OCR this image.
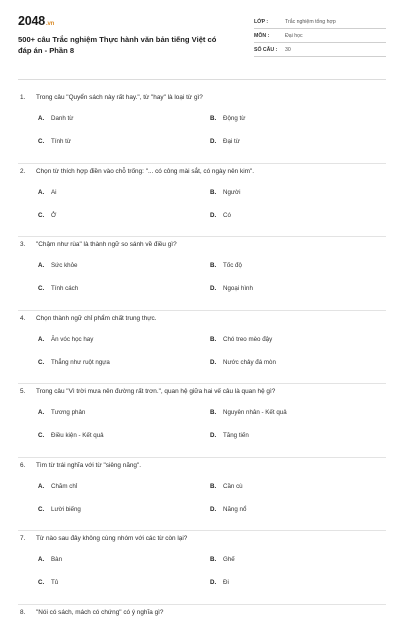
2048 .vn
500+ câu Trắc nghiệm Thực hành văn bản tiếng Việt có đáp án - Phần 8
LỚP :	Trắc nghiệm tổng hợp
MÔN :	Đại học
SỐ CÂU :	30
1.	Trong câu "Quyển sách này rất hay.", từ "hay" là loại từ gì?
A.	Danh từ	B.	Động từ
C.	Tính từ	D.	Đại từ
2.	Chọn từ thích hợp điền vào chỗ trống: "... có công mài sắt, có ngày nên kim".
A.	Ai	B.	Người
C.	Ở	D.	Có
3.	"Chậm như rùa" là thành ngữ so sánh về điều gì?
A.	Sức khỏe	B.	Tốc độ
C.	Tính cách	D.	Ngoại hình
4.	Chọn thành ngữ chỉ phẩm chất trung thực.
A.	Ăn vóc học hay	B.	Chó treo mèo đậy
C.	Thẳng như ruột ngựa	D.	Nước chảy đá mòn
5.	Trong câu "Vì trời mưa nên đường rất trơn.", quan hệ giữa hai vế câu là quan hệ gì?
A.	Tương phản	B.	Nguyên nhân - Kết quả
C.	Điều kiện - Kết quả	D.	Tăng tiến
6.	Tìm từ trái nghĩa với từ "siêng năng".
A.	Chăm chỉ	B.	Cần cù
C.	Lười biếng	D.	Năng nổ
7.	Từ nào sau đây không cùng nhóm với các từ còn lại?
A.	Bàn	B.	Ghế
C.	Tủ	D.	Đi
8.	"Nói có sách, mách có chứng" có ý nghĩa gì?
